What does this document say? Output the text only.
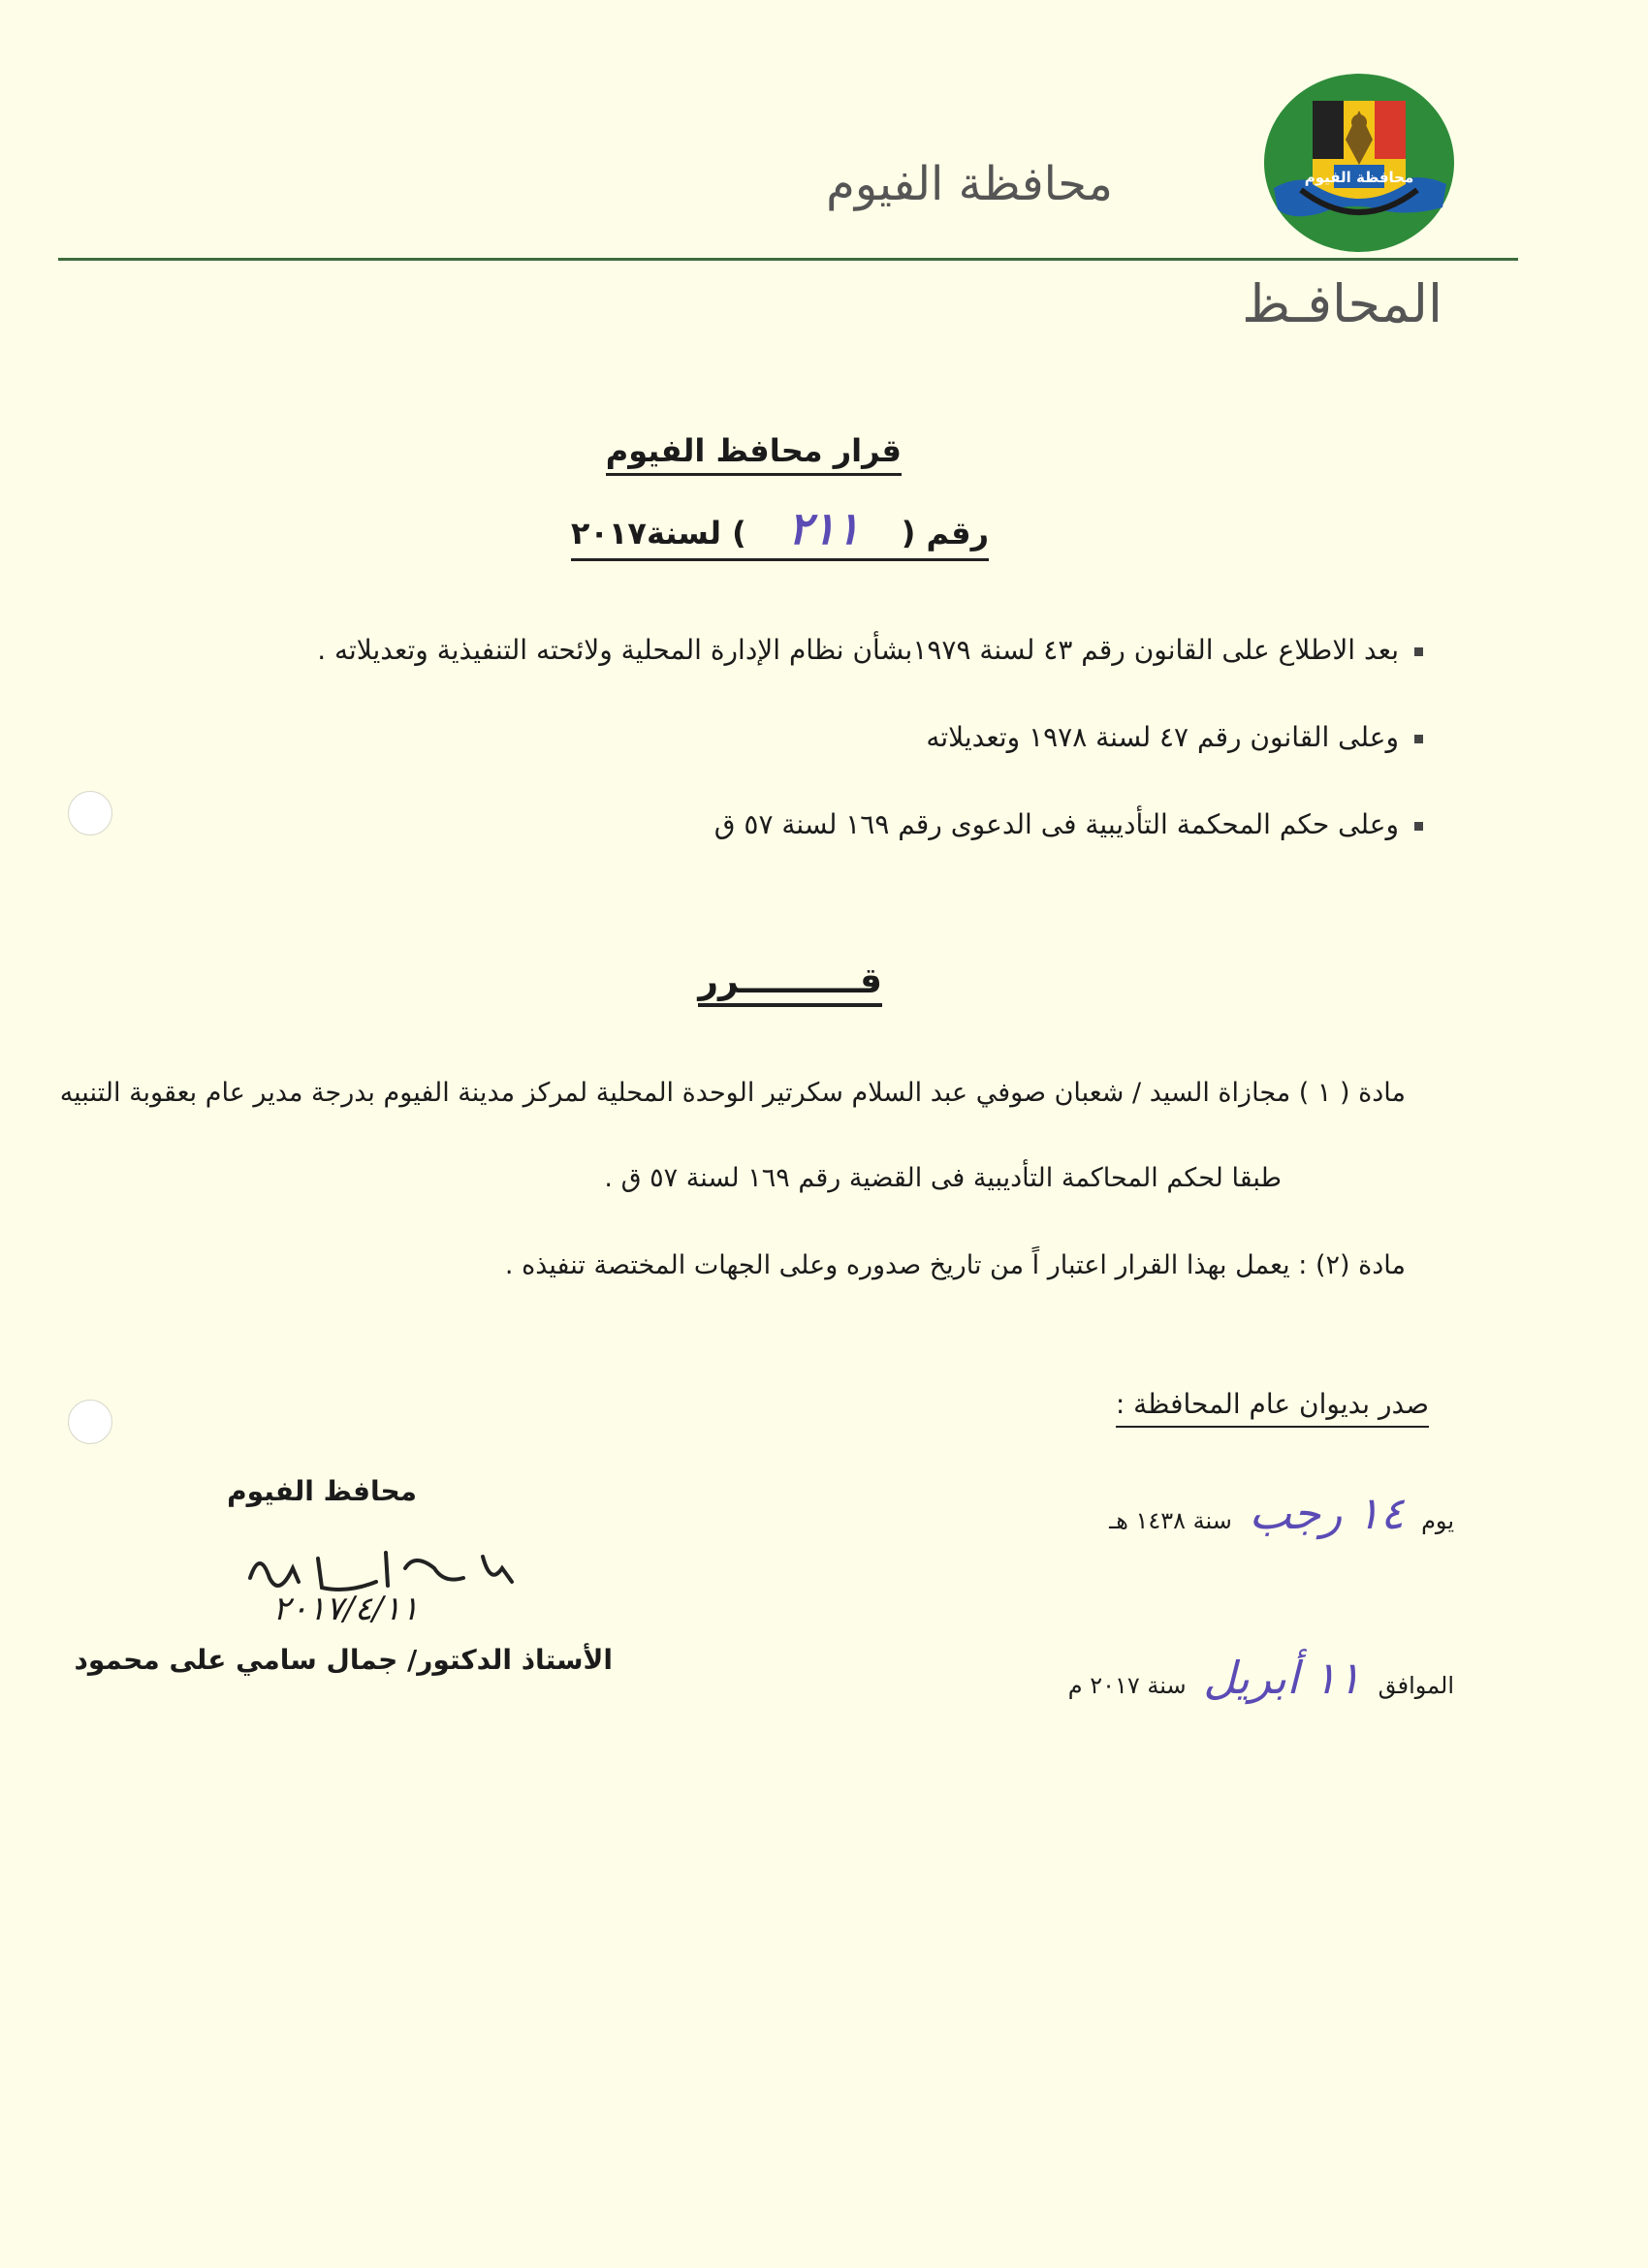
محافظة الفيوم
محافظة الفيوم
المحافـظ
قرار محافظ الفيوم
رقم (٢١١) لسنة٢٠١٧
بعد الاطلاع على القانون رقم ٤٣ لسنة ١٩٧٩بشأن نظام الإدارة المحلية ولائحته التنفيذية وتعديلاته .
وعلى القانون رقم ٤٧ لسنة ١٩٧٨ وتعديلاته
وعلى حكم المحكمة التأديبية فى الدعوى رقم ١٦٩ لسنة ٥٧ ق
قــــــــــرر
مادة ( ١ ) مجازاة السيد / شعبان صوفي عبد السلام سكرتير الوحدة المحلية لمركز مدينة الفيوم بدرجة مدير عام بعقوبة التنبيه
طبقا لحكم المحاكمة التأديبية فى القضية رقم ١٦٩ لسنة ٥٧ ق .
مادة (٢) : يعمل بهذا القرار اعتبار اً من تاريخ صدوره وعلى الجهات المختصة تنفيذه .
صدر بديوان عام المحافظة :
يوم ١٤ رجب سنة ١٤٣٨ هـ
الموافق ١١ أبريل سنة ٢٠١٧ م
محافظ الفيوم
٢٠١٧/٤/١١
الأستاذ الدكتور/ جمال سامي على محمود
